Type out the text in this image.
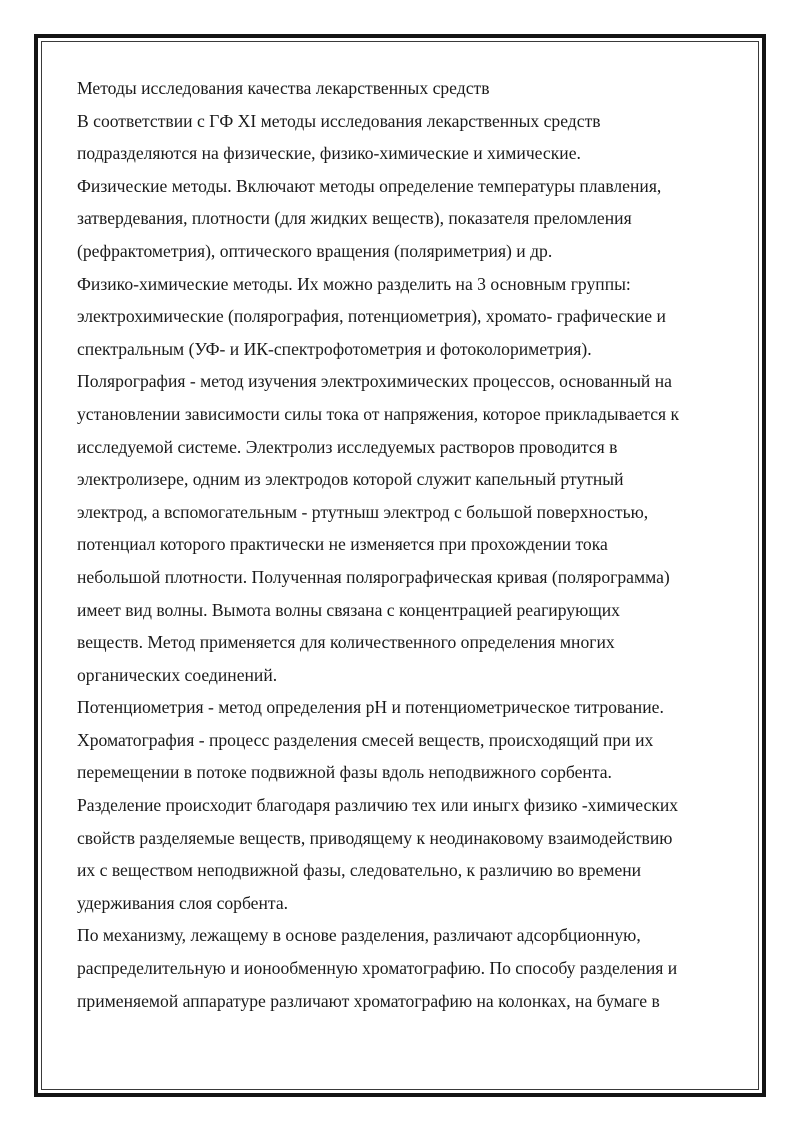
Методы исследования качества лекарственных средств
В соответствии с ГФ XI методы исследования лекарственных средств
подразделяются на физические, физико-химические и химические.
Физические методы. Включают методы определение температуры плавления,
затвердевания, плотности (для жидких веществ), показателя преломления
(рефрактометрия), оптического вращения (поляриметрия) и др.
Физико-химические методы. Их можно разделить на 3 основным группы:
электрохимические (полярография, потенциометрия), хромато- графические и
спектральным (УФ- и ИК-спектрофотометрия и фотоколориметрия).
Полярография - метод изучения электрохимических процессов, основанный на
установлении зависимости силы тока от напряжения, которое прикладывается к
исследуемой системе. Электролиз исследуемых растворов проводится в
электролизере, одним из электродов которой служит капельный ртутный
электрод, а вспомогательным - ртутныш электрод с большой поверхностью,
потенциал которого практически не изменяется при прохождении тока
небольшой плотности. Полученная полярографическая кривая (полярограмма)
имеет вид волны. Вымота волны связана с концентрацией реагирующих
веществ. Метод применяется для количественного определения многих
органических соединений.
Потенциометрия - метод определения pH и потенциометрическое титрование.
Хроматография - процесс разделения смесей веществ, происходящий при их
перемещении в потоке подвижной фазы вдоль неподвижного сорбента.
Разделение происходит благодаря различию тех или иныгх физико -химических
свойств разделяемые веществ, приводящему к неодинаковому взаимодействию
их с веществом неподвижной фазы, следовательно, к различию во времени
удерживания слоя сорбента.
По механизму, лежащему в основе разделения, различают адсорбционную,
распределительную и ионообменную хроматографию. По способу разделения и
применяемой аппаратуре различают хроматографию на колонках, на бумаге в
